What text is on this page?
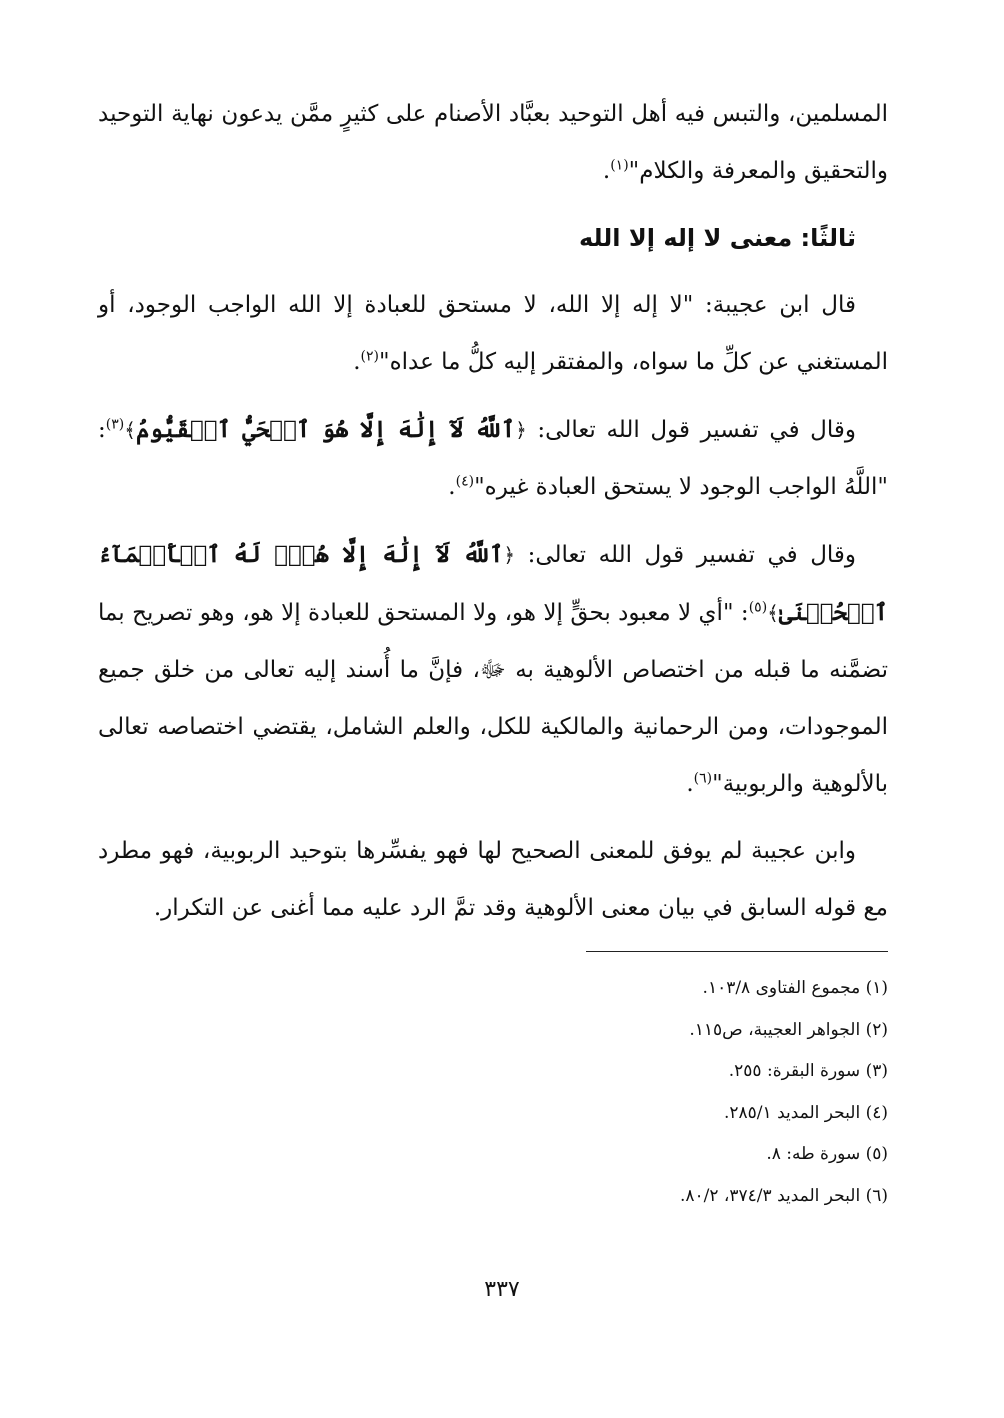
المسلمين، والتبس فيه أهل التوحيد بعبَّاد الأصنام على كثيرٍ ممَّن يدعون نهاية التوحيد والتحقيق والمعرفة والكلام"$^{(١)}$.

ثالثًا: معنى لا إله إلا الله

قال ابن عجيبة: "لا إله إلا الله، لا مستحق للعبادة إلا الله الواجب الوجود، أو المستغني عن كلِّ ما سواه، والمفتقر إليه كلُّ ما عداه"$^{(٢)}$.

وقال في تفسير قول الله تعالى: ﴿ٱللَّهُ لَآ إِلَٰهَ إِلَّا هُوَ ٱلۡحَيُّ ٱلۡقَيُّومُ﴾$^{(٣)}$: "اللَّهُ الواجب الوجود لا يستحق العبادة غيره"$^{(٤)}$.

وقال في تفسير قول الله تعالى: ﴿ٱللَّهُ لَآ إِلَٰهَ إِلَّا هُوَۖ لَهُ ٱلۡأَسۡمَآءُ ٱلۡحُسۡنَىٰ﴾$^{(٥)}$: "أي لا معبود بحقٍّ إلا هو، ولا المستحق للعبادة إلا هو، وهو تصريح بما تضمَّنه ما قبله من اختصاص الألوهية به ﷻ، فإنَّ ما أُسند إليه تعالى من خلق جميع الموجودات، ومن الرحمانية والمالكية للكل، والعلم الشامل، يقتضي اختصاصه تعالى بالألوهية والربوبية"$^{(٦)}$.

وابن عجيبة لم يوفق للمعنى الصحيح لها فهو يفسِّرها بتوحيد الربوبية، فهو مطرد مع قوله السابق في بيان معنى الألوهية وقد تمَّ الرد عليه مما أغنى عن التكرار.

(١) مجموع الفتاوى ١٠٣/٨.
(٢) الجواهر العجيبة، ص١١٥.
(٣) سورة البقرة: ٢٥٥.
(٤) البحر المديد ٢٨٥/١.
(٥) سورة طه: ٨.
(٦) البحر المديد ٣٧٤/٣، ٨٠/٢.
٣٣٧
